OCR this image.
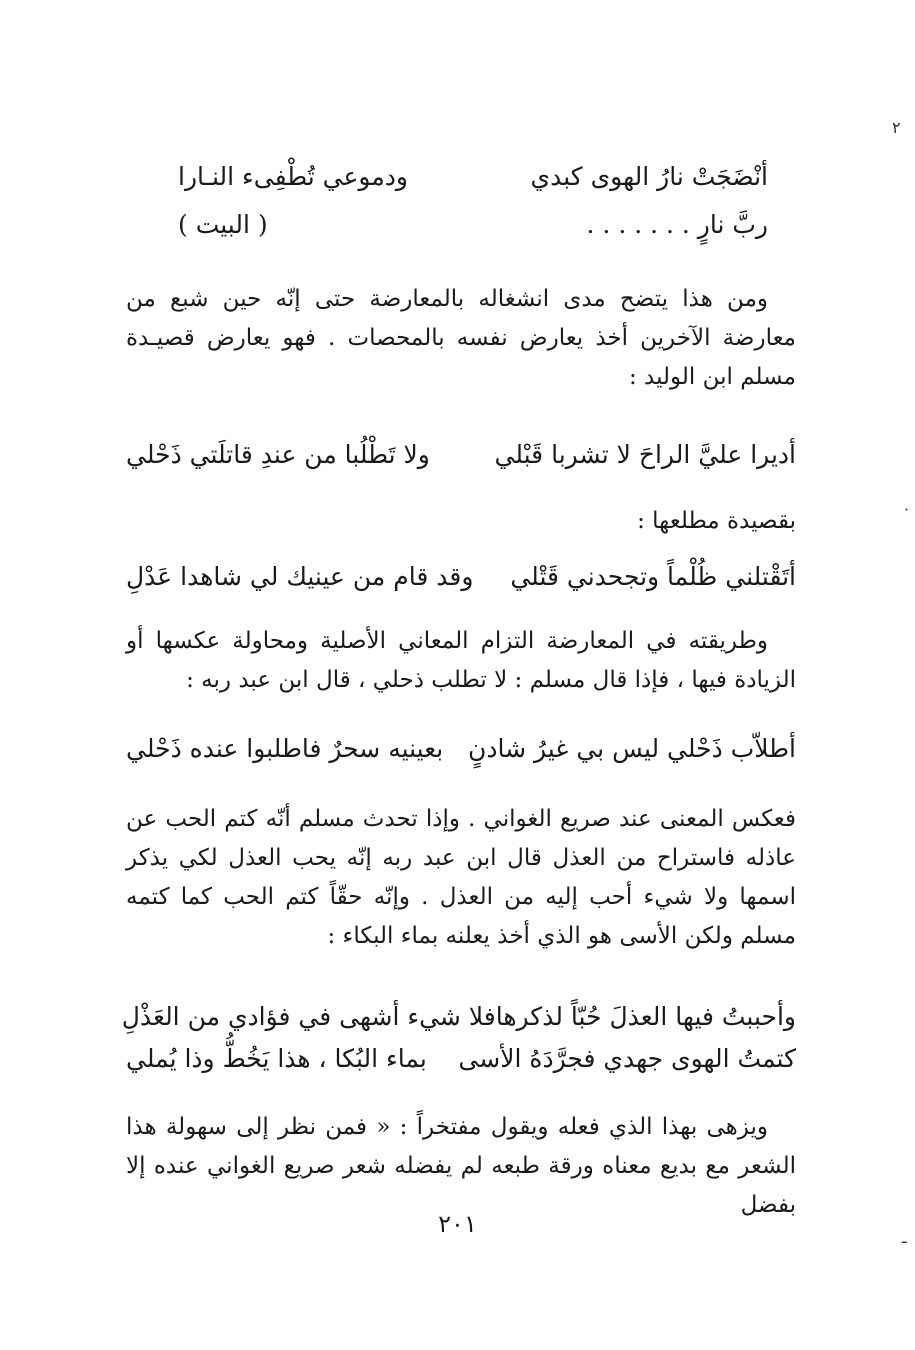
٢
·
ـ
أنْضَجَتْ نارُ الهوى كبدي
ودموعي تُطْفِىء النـارا
ربَّ نارٍ . . . . . . .
( البيت )
ومن هذا يتضح مدى انشغاله بالمعارضة حتى إنّه حين شبع من معارضة الآخرين أخذ يعارض نفسه بالمحصات . فهو يعارض قصيـدة مسلم ابن الوليد :
أديرا عليَّ الراحَ لا تشربا قَبْلي
ولا تَطْلُبا من عندِ قاتلَتي ذَحْلي
بقصيدة مطلعها :
أتَقْتلني ظُلْماً وتجحدني قَتْلي
وقد قام من عينيك لي شاهدا عَدْلِ
وطريقته في المعارضة التزام المعاني الأصلية ومحاولة عكسها أو الزيادة فيها ، فإذا قال مسلم : لا تطلب ذحلي ، قال ابن عبد ربه :
أطلاّب ذَحْلي ليس بي غيرُ شادنٍ
بعينيه سحرٌ فاطلبوا عنده ذَحْلي
فعكس المعنى عند صريع الغواني . وإذا تحدث مسلم أنّه كتم الحب عن عاذله فاستراح من العذل قال ابن عبد ربه إنّه يحب العذل لكي يذكر اسمها ولا شيء أحب إليه من العذل . وإنّه حقّاً كتم الحب كما كتمه مسلم ولكن الأسى هو الذي أخذ يعلنه بماء البكاء :
وأحببتُ فيها العذلَ حُبّاً لذكرها
فلا شيء أشهى في فؤادي من العَذْلِ
كتمتُ الهوى جهدي فجرَّدَهُ الأسى
بماء البُكا ، هذا يَخُطُّ وذا يُملي
ويزهى بهذا الذي فعله ويقول مفتخراً : « فمن نظر إلى سهولة هذا الشعر مع بديع معناه ورقة طبعه لم يفضله شعر صريع الغواني عنده إلا بفضل
٢٠١
